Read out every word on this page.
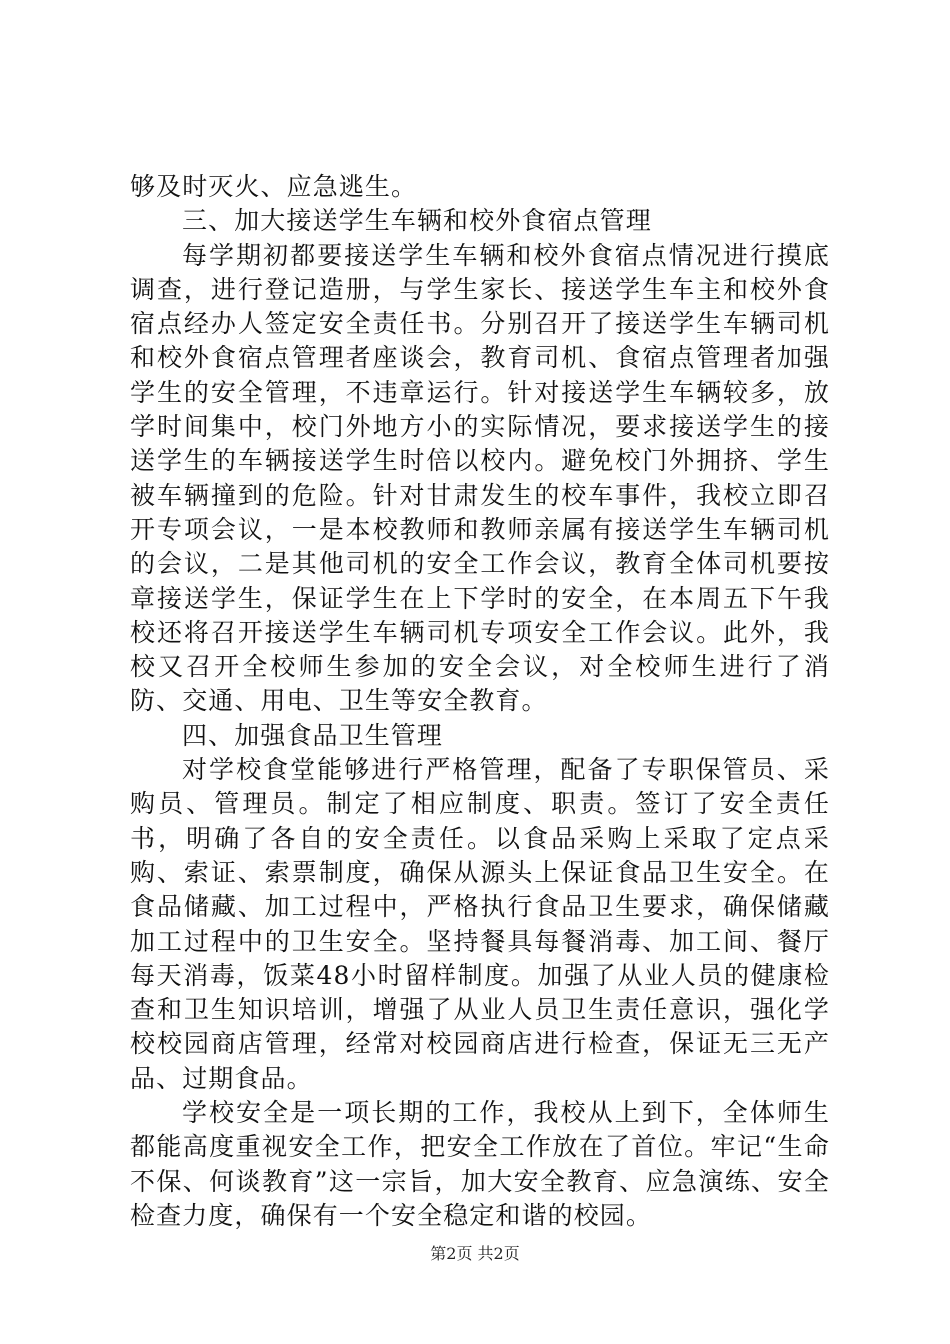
够及时灭火、应急逃生。

三、加大接送学生车辆和校外食宿点管理

每学期初都要接送学生车辆和校外食宿点情况进行摸底调查，进行登记造册，与学生家长、接送学生车主和校外食宿点经办人签定安全责任书。分别召开了接送学生车辆司机和校外食宿点管理者座谈会，教育司机、食宿点管理者加强学生的安全管理，不违章运行。针对接送学生车辆较多，放学时间集中，校门外地方小的实际情况，要求接送学生的接送学生的车辆接送学生时倍以校内。避免校门外拥挤、学生被车辆撞到的危险。针对甘肃发生的校车事件，我校立即召开专项会议，一是本校教师和教师亲属有接送学生车辆司机的会议，二是其他司机的安全工作会议，教育全体司机要按章接送学生，保证学生在上下学时的安全，在本周五下午我校还将召开接送学生车辆司机专项安全工作会议。此外，我校又召开全校师生参加的安全会议，对全校师生进行了消防、交通、用电、卫生等安全教育。

四、加强食品卫生管理

对学校食堂能够进行严格管理，配备了专职保管员、采购员、管理员。制定了相应制度、职责。签订了安全责任书，明确了各自的安全责任。以食品采购上采取了定点采购、索证、索票制度，确保从源头上保证食品卫生安全。在食品储藏、加工过程中，严格执行食品卫生要求，确保储藏加工过程中的卫生安全。坚持餐具每餐消毒、加工间、餐厅每天消毒，饭菜48小时留样制度。加强了从业人员的健康检查和卫生知识培训，增强了从业人员卫生责任意识，强化学校校园商店管理，经常对校园商店进行检查，保证无三无产品、过期食品。

学校安全是一项长期的工作，我校从上到下，全体师生都能高度重视安全工作，把安全工作放在了首位。牢记“生命不保、何谈教育”这一宗旨，加大安全教育、应急演练、安全检查力度，确保有一个安全稳定和谐的校园。

第2页 共2页
